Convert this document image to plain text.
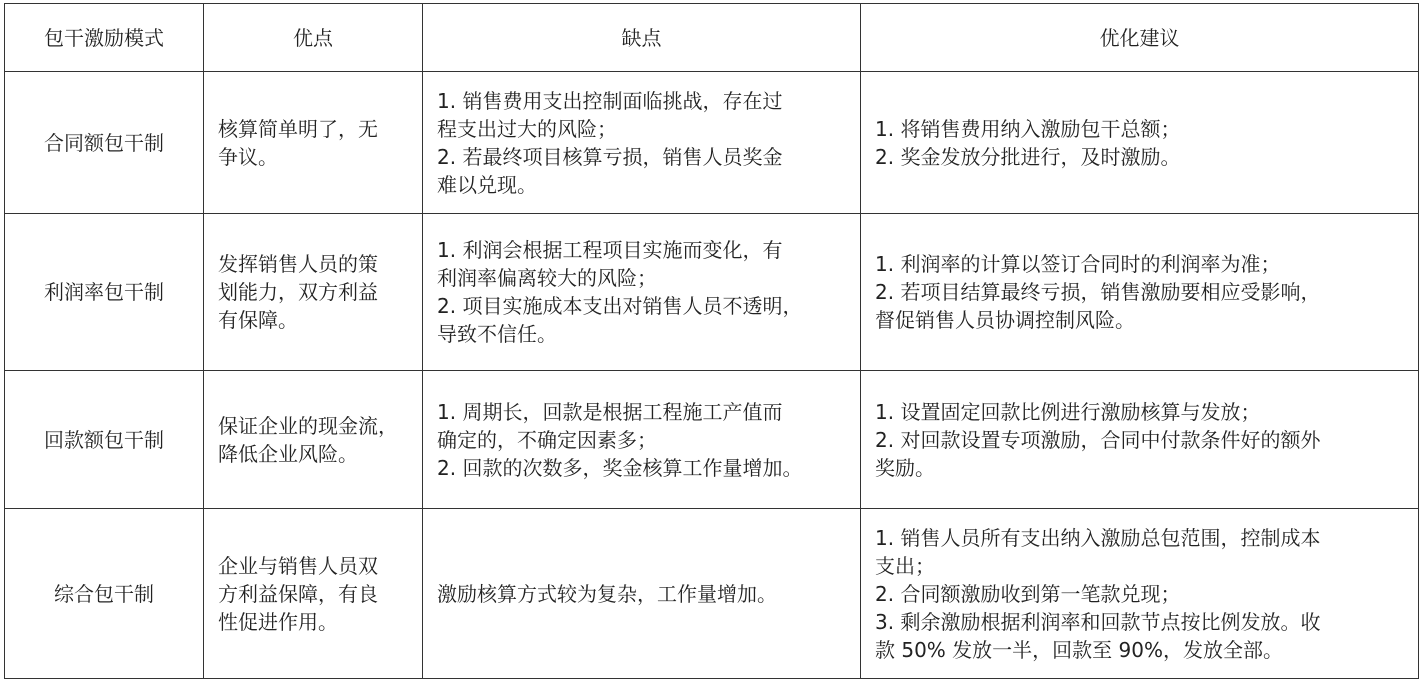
包干激励模式	优点	缺点	优化建议
合同额包干制	核算简单明了，无
争议。	1. 销售费用支出控制面临挑战，存在过
程支出过大的风险；
2. 若最终项目核算亏损，销售人员奖金
难以兑现。	1. 将销售费用纳入激励包干总额；
2. 奖金发放分批进行，及时激励。

利润率包干制	发挥销售人员的策
划能力，双方利益
有保障。	1. 利润会根据工程项目实施而变化，有
利润率偏离较大的风险；
2. 项目实施成本支出对销售人员不透明，
导致不信任。	1. 利润率的计算以签订合同时的利润率为准；
2. 若项目结算最终亏损，销售激励要相应受影响，
督促销售人员协调控制风险。

回款额包干制	保证企业的现金流，
降低企业风险。	1. 周期长，回款是根据工程施工产值而
确定的，不确定因素多；
2. 回款的次数多，奖金核算工作量增加。	1. 设置固定回款比例进行激励核算与发放；
2. 对回款设置专项激励，合同中付款条件好的额外
奖励。

综合包干制	企业与销售人员双
方利益保障，有良
性促进作用。	激励核算方式较为复杂，工作量增加。	1. 销售人员所有支出纳入激励总包范围，控制成本
支出；
2. 合同额激励收到第一笔款兑现；
3. 剩余激励根据利润率和回款节点按比例发放。收
款 50% 发放一半，回款至 90%，发放全部。
